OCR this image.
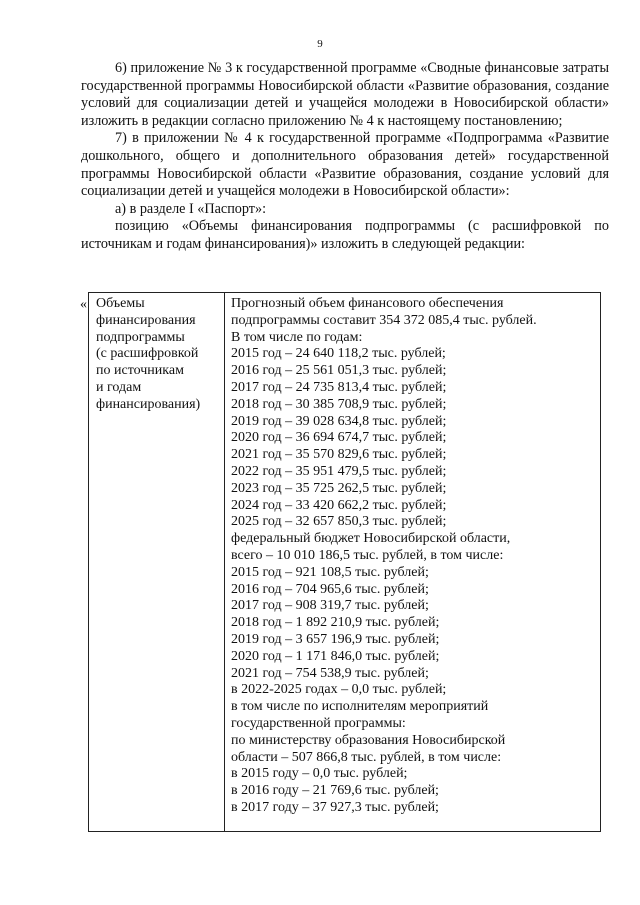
9

6) приложение № 3 к государственной программе «Сводные финансовые затраты государственной программы Новосибирской области «Развитие образования, создание условий для социализации детей и учащейся молодежи в Новосибирской области» изложить в редакции согласно приложению № 4 к настоящему постановлению;

7) в приложении № 4 к государственной программе «Подпрограмма «Развитие дошкольного, общего и дополнительного образования детей» государственной программы Новосибирской области «Развитие образования, создание условий для социализации детей и учащейся молодежи в Новосибирской области»:

а) в разделе I «Паспорт»:

позицию «Объемы финансирования подпрограммы (с расшифровкой по источникам и годам финансирования)» изложить в следующей редакции:

« Объемы
финансирования
подпрограммы
(с расшифровкой
по источникам
и годам
финансирования)
Прогнозный объем финансового обеспечения
подпрограммы составит 354 372 085,4 тыс. рублей.
В том числе по годам:
2015 год – 24 640 118,2 тыс. рублей;
2016 год – 25 561 051,3 тыс. рублей;
2017 год – 24 735 813,4 тыс. рублей;
2018 год – 30 385 708,9 тыс. рублей;
2019 год – 39 028 634,8 тыс. рублей;
2020 год – 36 694 674,7 тыс. рублей;
2021 год – 35 570 829,6 тыс. рублей;
2022 год – 35 951 479,5 тыс. рублей;
2023 год – 35 725 262,5 тыс. рублей;
2024 год – 33 420 662,2 тыс. рублей;
2025 год – 32 657 850,3 тыс. рублей;
федеральный бюджет Новосибирской области,
всего – 10 010 186,5 тыс. рублей, в том числе:
2015 год – 921 108,5 тыс. рублей;
2016 год – 704 965,6 тыс. рублей;
2017 год – 908 319,7 тыс. рублей;
2018 год – 1 892 210,9 тыс. рублей;
2019 год – 3 657 196,9 тыс. рублей;
2020 год – 1 171 846,0 тыс. рублей;
2021 год – 754 538,9 тыс. рублей;
в 2022-2025 годах – 0,0 тыс. рублей;
в том числе по исполнителям мероприятий
государственной программы:
по министерству образования Новосибирской
области – 507 866,8 тыс. рублей, в том числе:
в 2015 году – 0,0 тыс. рублей;
в 2016 году – 21 769,6 тыс. рублей;
в 2017 году – 37 927,3 тыс. рублей;
